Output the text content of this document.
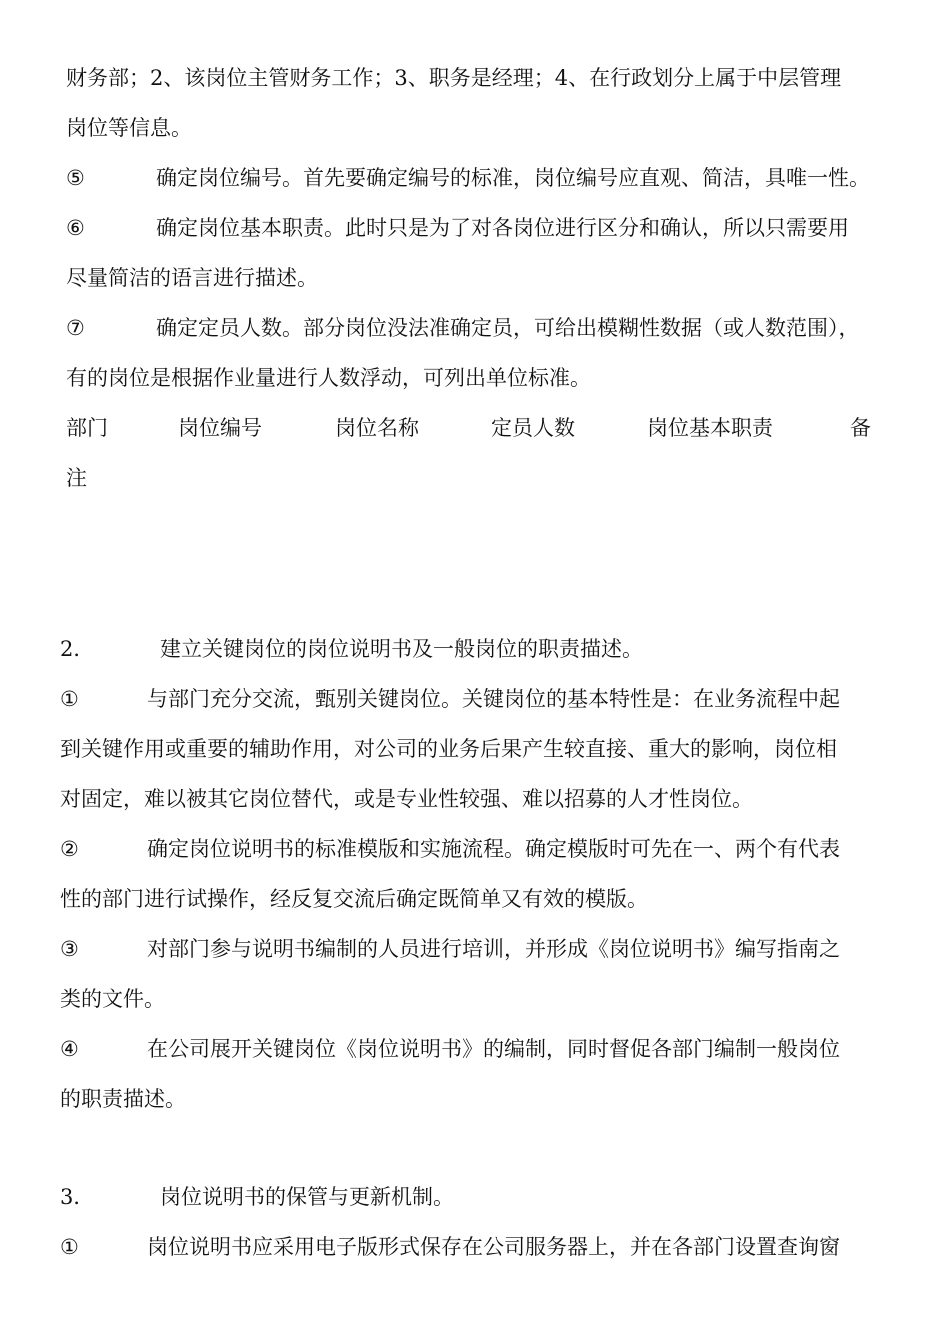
财务部；2、该岗位主管财务工作；3、职务是经理；4、在行政划分上属于中层管理
岗位等信息。
⑤	确定岗位编号。首先要确定编号的标准，岗位编号应直观、简洁，具唯一性。
⑥	确定岗位基本职责。此时只是为了对各岗位进行区分和确认，所以只需要用
尽量简洁的语言进行描述。
⑦	确定定员人数。部分岗位没法准确定员，可给出模糊性数据（或人数范围），
有的岗位是根据作业量进行人数浮动，可列出单位标准。
部门	岗位编号	岗位名称	定员人数	岗位基本职责	备
注
2．	建立关键岗位的岗位说明书及一般岗位的职责描述。
①	与部门充分交流，甄别关键岗位。关键岗位的基本特性是：在业务流程中起
到关键作用或重要的辅助作用，对公司的业务后果产生较直接、重大的影响，岗位相
对固定，难以被其它岗位替代，或是专业性较强、难以招募的人才性岗位。
②	确定岗位说明书的标准模版和实施流程。确定模版时可先在一、两个有代表
性的部门进行试操作，经反复交流后确定既简单又有效的模版。
③	对部门参与说明书编制的人员进行培训，并形成《岗位说明书》编写指南之
类的文件。
④	在公司展开关键岗位《岗位说明书》的编制，同时督促各部门编制一般岗位
的职责描述。
3．	岗位说明书的保管与更新机制。
①	岗位说明书应采用电子版形式保存在公司服务器上，并在各部门设置查询窗
